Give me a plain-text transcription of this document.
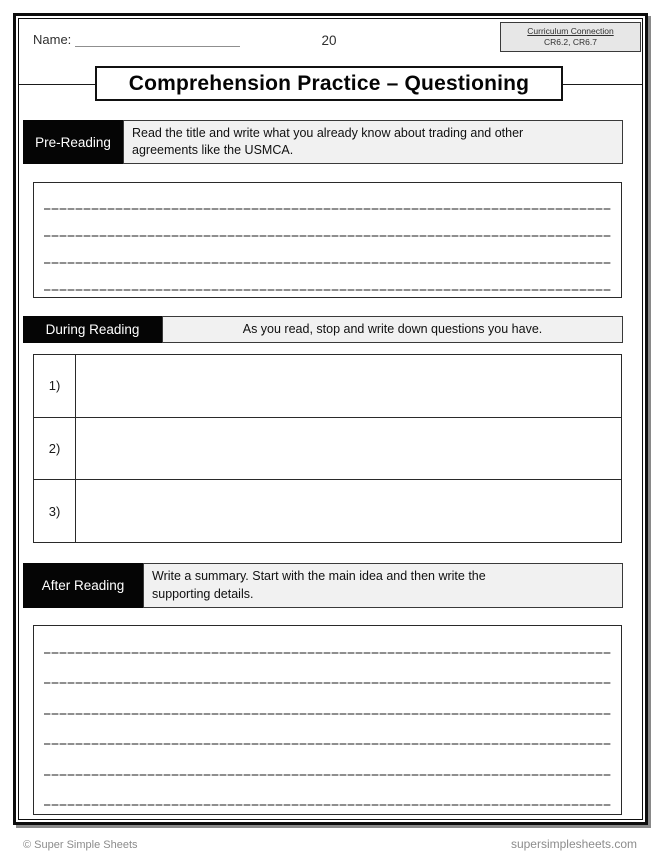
Name:	20
Curriculum Connection
CR6.2, CR6.7
Comprehension Practice – Questioning
Pre-Reading
Read the title and write what you already know about trading and other agreements like the USMCA.
During Reading	As you read, stop and write down questions you have.
1)
2)
3)
After Reading
Write a summary. Start with the main idea and then write the supporting details.
© Super Simple Sheets	supersimplesheets.com
